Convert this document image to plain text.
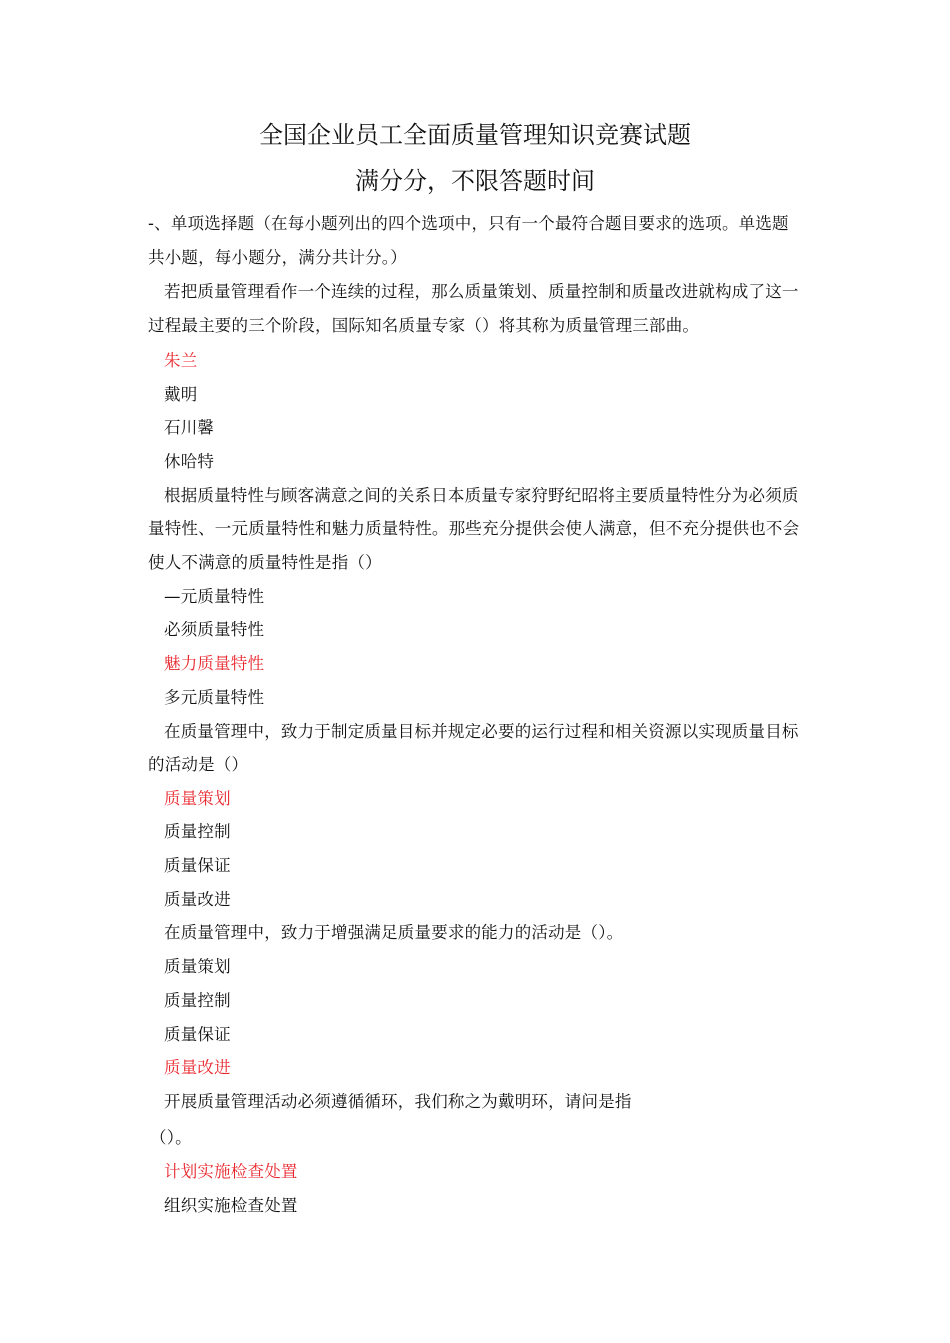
全国企业员工全面质量管理知识竞赛试题
满分分，不限答题时间
-、单项选择题（在每小题列出的四个选项中，只有一个最符合题目要求的选项。单选题
共小题，每小题分，满分共计分。）
若把质量管理看作一个连续的过程，那么质量策划、质量控制和质量改进就构成了这一
过程最主要的三个阶段，国际知名质量专家（）将其称为质量管理三部曲。
朱兰
戴明
石川馨
休哈特
根据质量特性与顾客满意之间的关系日本质量专家狩野纪昭将主要质量特性分为必须质
量特性、一元质量特性和魅力质量特性。那些充分提供会使人满意，但不充分提供也不会
使人不满意的质量特性是指（）
—元质量特性
必须质量特性
魅力质量特性
多元质量特性
在质量管理中，致力于制定质量目标并规定必要的运行过程和相关资源以实现质量目标
的活动是（）
质量策划
质量控制
质量保证
质量改进
在质量管理中，致力于增强满足质量要求的能力的活动是（）。
质量策划
质量控制
质量保证
质量改进
开展质量管理活动必须遵循循环，我们称之为戴明环，请问是指
（）。
计划实施检查处置
组织实施检查处置
